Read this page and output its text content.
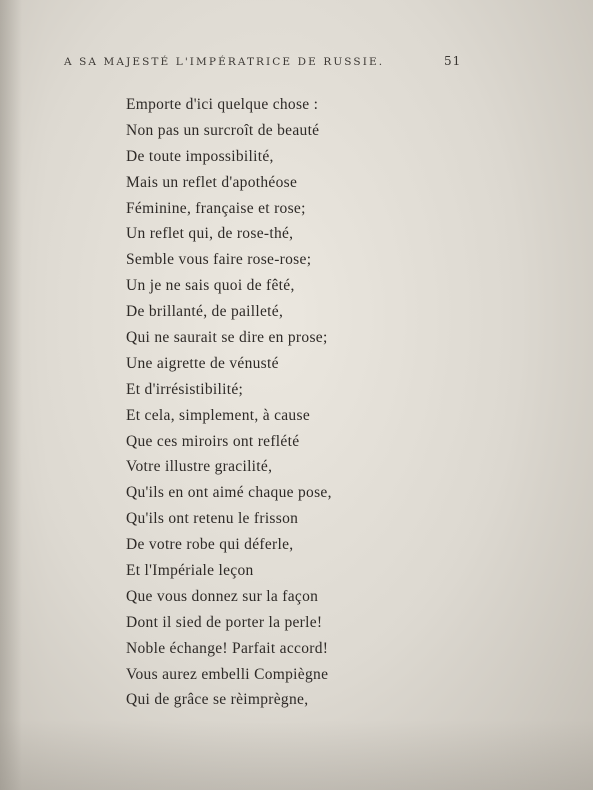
A SA MAJESTÉ L'IMPÉRATRICE DE RUSSIE.	51
Emporte d'ici quelque chose :
Non pas un surcroît de beauté
De toute impossibilité,
Mais un reflet d'apothéose
Féminine, française et rose;
Un reflet qui, de rose-thé,
Semble vous faire rose-rose;
Un je ne sais quoi de fêté,
De brillanté, de pailleté,
Qui ne saurait se dire en prose;
Une aigrette de vénusté
Et d'irrésistibilité;
Et cela, simplement, à cause
Que ces miroirs ont reflété
Votre illustre gracilité,
Qu'ils en ont aimé chaque pose,
Qu'ils ont retenu le frisson
De votre robe qui déferle,
Et l'Impériale leçon
Que vous donnez sur la façon
Dont il sied de porter la perle!
Noble échange! Parfait accord!
Vous aurez embelli Compiègne
Qui de grâce se rèimprègne,
